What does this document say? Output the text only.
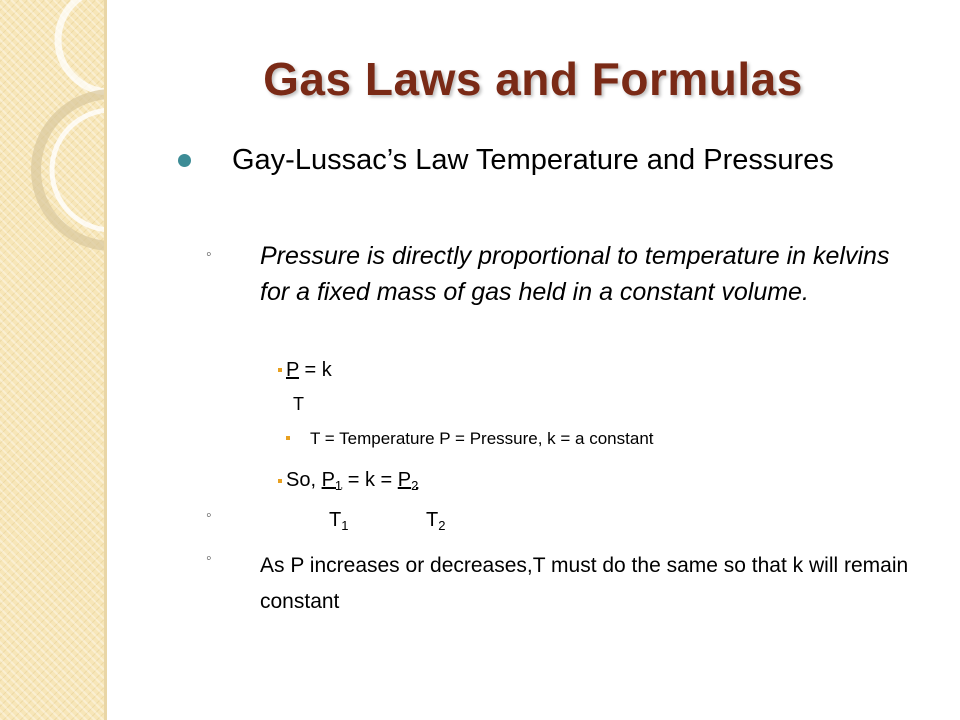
Gas Laws and Formulas
Gay-Lussac’s Law Temperature and Pressures
◦ Pressure is directly proportional to temperature in kelvins for a fixed mass of gas held in a constant volume.
P = k
T
T = Temperature P = Pressure, k = a constant
So, $P_1 = k = P_2$
◦	$T_1$	$T_2$
◦ As P increases or decreases,T must do the same so that k will remain constant
